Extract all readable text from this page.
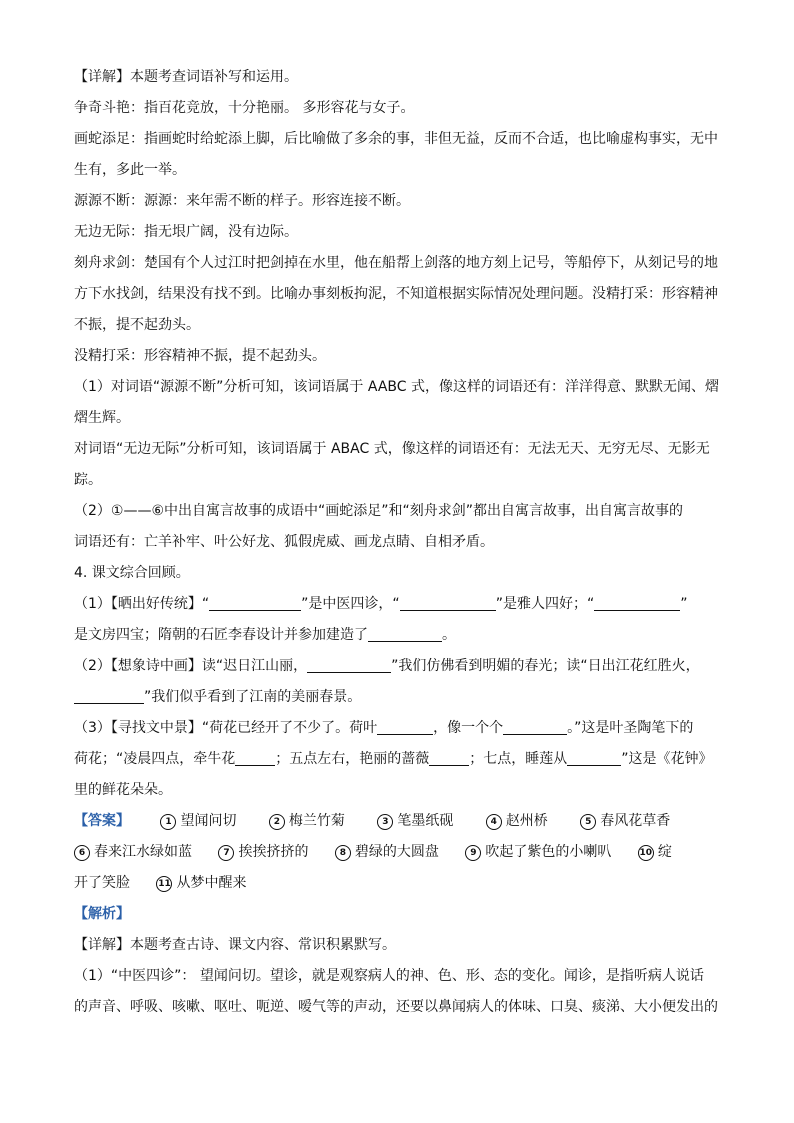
【详解】本题考查词语补写和运用。
争奇斗艳：指百花竞放，十分艳丽。 多形容花与女子。
画蛇添足：指画蛇时给蛇添上脚，后比喻做了多余的事，非但无益，反而不合适，也比喻虚构事实，无中
生有，多此一举。
源源不断：源源：来年需不断的样子。形容连接不断。
无边无际：指无垠广阔，没有边际。
刻舟求剑：楚国有个人过江时把剑掉在水里，他在船帮上剑落的地方刻上记号，等船停下，从刻记号的地
方下水找剑，结果没有找不到。比喻办事刻板拘泥，不知道根据实际情况处理问题。没精打采：形容精神
不振，提不起劲头。
没精打采：形容精神不振，提不起劲头。
（1）对词语“源源不断”分析可知，该词语属于 AABC 式，像这样的词语还有：洋洋得意、默默无闻、熠
熠生辉。
对词语“无边无际”分析可知，该词语属于 ABAC 式，像这样的词语还有：无法无天、无穷无尽、无影无
踪。
（2）①——⑥中出自寓言故事的成语中“画蛇添足”和“刻舟求剑”都出自寓言故事，出自寓言故事的
词语还有：亡羊补牢、叶公好龙、狐假虎威、画龙点睛、自相矛盾。
4. 课文综合回顾。
（1）【晒出好传统】“	”是中医四诊，“	”是雅人四好；“	”
是文房四宝；隋朝的石匠李春设计并参加建造了	。
（2）【想象诗中画】读“迟日江山丽，	”我们仿佛看到明媚的春光；读“日出江花红胜火，
”我们似乎看到了江南的美丽春景。
（3）【寻找文中景】“荷花已经开了不少了。荷叶	，像一个个	。”这是叶圣陶笔下的
荷花；“凌晨四点，牵牛花	；五点左右，艳丽的蔷薇	；七点，睡莲从	”这是《花钟》
里的鲜花朵朵。
【答案】	1 望闻问切	2 梅兰竹菊	3 笔墨纸砚	4 赵州桥	5 春风花草香
6 春来江水绿如蓝	7 挨挨挤挤的	8 碧绿的大圆盘	9 吹起了紫色的小喇叭	10 绽
开了笑脸	11 从梦中醒来
【解析】
【详解】本题考查古诗、课文内容、常识积累默写。
（1）“中医四诊”： 望闻问切。望诊，就是观察病人的神、色、形、态的变化。闻诊，是指听病人说话
的声音、呼吸、咳嗽、呕吐、呃逆、嗳气等的声动，还要以鼻闻病人的体味、口臭、痰涕、大小便发出的
